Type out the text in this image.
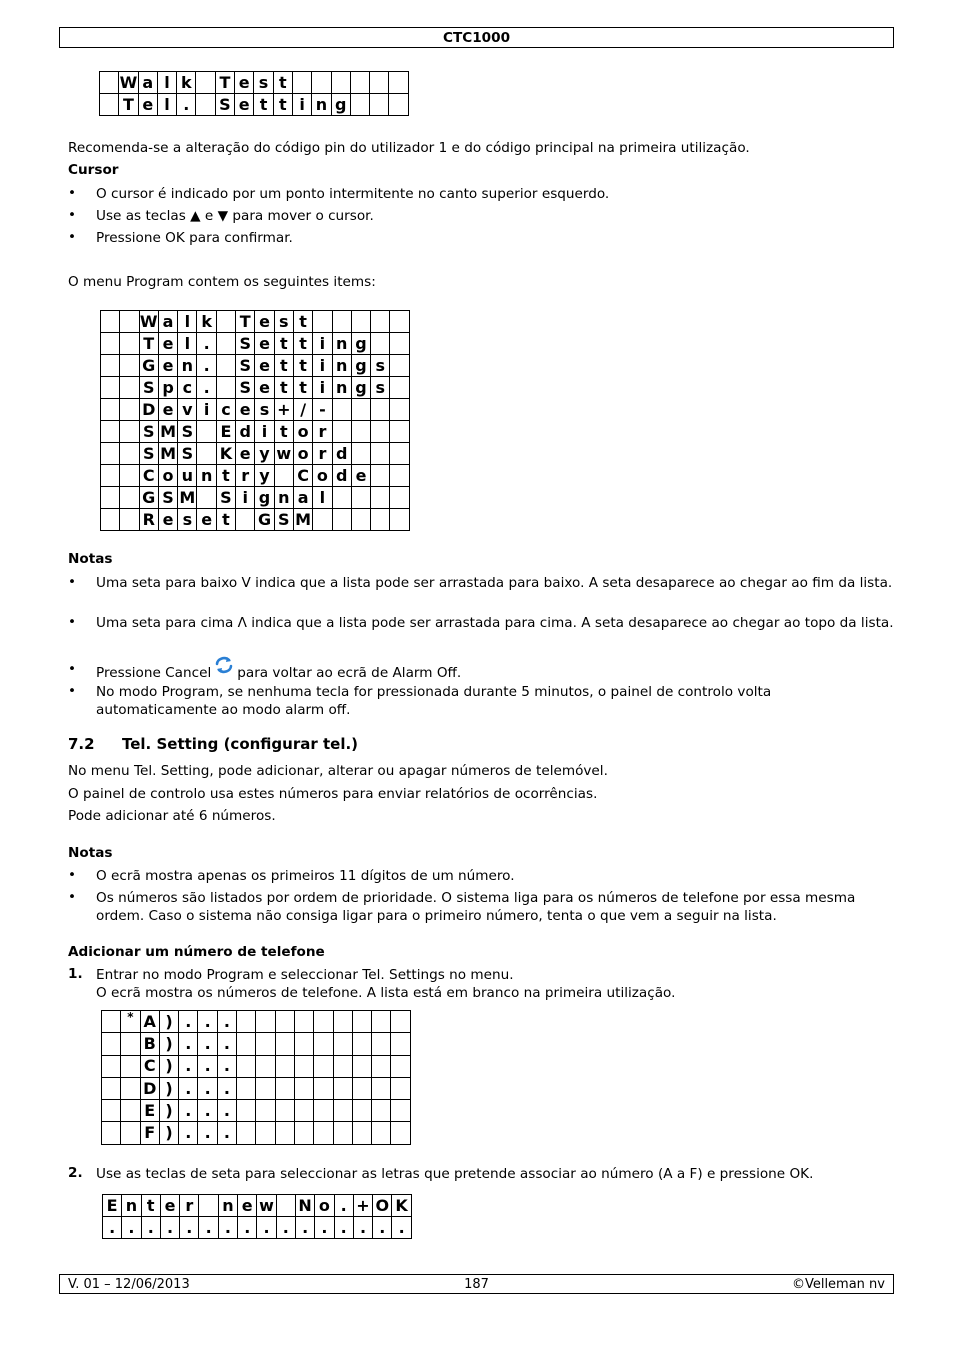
CTC1000
	W	a	l	k		T	e	s	t						
	T	e	l	.		S	e	t	t	i	n	g			
Recomenda-se a alteração do código pin do utilizador 1 e do código principal na primeira utilização.
Cursor
• O cursor é indicado por um ponto intermitente no canto superior esquerdo.
• Use as teclas ▲ e ▼ para mover o cursor.
• Pressione OK para confirmar.
O menu Program contem os seguintes items:
		W	a	l	k		T	e	s	t					
		T	e	l	.		S	e	t	t	i	n	g		
		G	e	n	.		S	e	t	t	i	n	g	s	
		S	p	c	.		S	e	t	t	i	n	g	s	
		D	e	v	i	c	e	s	+	/	-				
		S	M	S		E	d	i	t	o	r				
		S	M	S		K	e	y	w	o	r	d			
		C	o	u	n	t	r	y		C	o	d	e		
		G	S	M		S	i	g	n	a	l				
		R	e	s	e	t		G	S	M					
Notas
• Uma seta para baixo V indica que a lista pode ser arrastada para baixo. A seta desaparece ao chegar ao fim da lista.
• Uma seta para cima Λ indica que a lista pode ser arrastada para cima. A seta desaparece ao chegar ao topo da lista.
• Pressione Cancel para voltar ao ecrã de Alarm Off.
• No modo Program, se nenhuma tecla for pressionada durante 5 minutos, o painel de controlo volta automaticamente ao modo alarm off.
7.2 Tel. Setting (configurar tel.)
No menu Tel. Setting, pode adicionar, alterar ou apagar números de telemóvel.
O painel de controlo usa estes números para enviar relatórios de ocorrências.
Pode adicionar até 6 números.
Notas
• O ecrã mostra apenas os primeiros 11 dígitos de um número.
• Os números são listados por ordem de prioridade. O sistema liga para os números de telefone por essa mesma ordem. Caso o sistema não consiga ligar para o primeiro número, tenta o que vem a seguir na lista.
Adicionar um número de telefone
1. Entrar no modo Program e seleccionar Tel. Settings no menu.
O ecrã mostra os números de telefone. A lista está em branco na primeira utilização.
	*	A	)	.	.	.									
		B	)	.	.	.									
		C	)	.	.	.									
		D	)	.	.	.									
		E	)	.	.	.									
		F	)	.	.	.									
2. Use as teclas de seta para seleccionar as letras que pretende associar ao número (A a F) e pressione OK.
E	n	t	e	r		n	e	w		N	o	.	+	O	K
.	.	.	.	.	.	.	.	.	.	.	.	.	.	.	.
V. 01 – 12/06/2013	187	©Velleman nv
